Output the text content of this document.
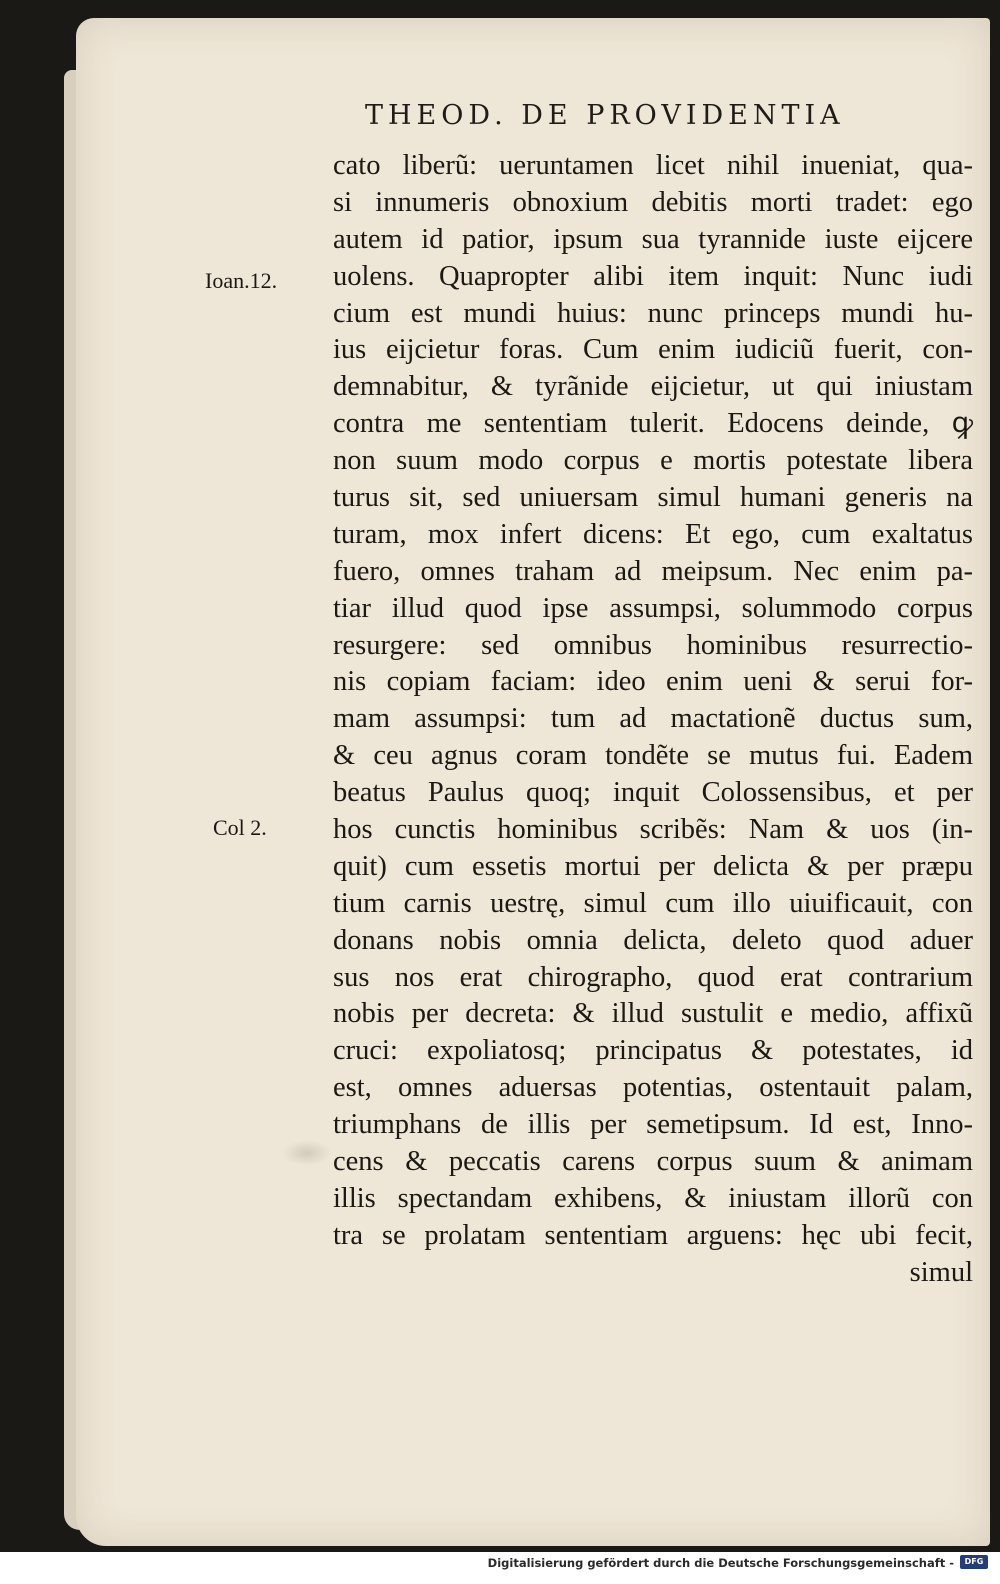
THEOD. DE PROVIDENTIA
Ioan.12.
Col 2.
cato liberũ: ueruntamen licet nihil inueniat, qua-
si innumeris obnoxium debitis morti tradet: ego
autem id patior, ipsum sua tyrannide iuste eijcere
uolens. Quapropter alibi item inquit: Nunc iudi
cium est mundi huius: nunc princeps mundi hu-
ius eijcietur foras. Cum enim iudiciũ fuerit, con-
demnabitur, & tyrãnide eijcietur, ut qui iniustam
contra me sententiam tulerit. Edocens deinde, ꝙ
non suum modo corpus e mortis potestate libera
turus sit, sed uniuersam simul humani generis na
turam, mox infert dicens: Et ego, cum exaltatus
fuero, omnes traham ad meipsum. Nec enim pa-
tiar illud quod ipse assumpsi, solummodo corpus
resurgere: sed omnibus hominibus resurrectio-
nis copiam faciam: ideo enim ueni & serui for-
mam assumpsi: tum ad mactationẽ ductus sum,
& ceu agnus coram tondẽte se mutus fui. Eadem
beatus Paulus quoq; inquit Colossensibus, et per
hos cunctis hominibus scribẽs: Nam & uos (in-
quit) cum essetis mortui per delicta & per præpu
tium carnis uestrę, simul cum illo uiuificauit, con
donans nobis omnia delicta, deleto quod aduer
sus nos erat chirographo, quod erat contrarium
nobis per decreta: & illud sustulit e medio, affixũ
cruci: expoliatosq; principatus & potestates, id
est, omnes aduersas potentias, ostentauit palam,
triumphans de illis per semetipsum. Id est, Inno-
cens & peccatis carens corpus suum & animam
illis spectandam exhibens, & iniustam illorũ con
tra se prolatam sententiam arguens: hęc ubi fecit,
simul
Digitalisierung gefördert durch die Deutsche Forschungsgemeinschaft -	DFG
